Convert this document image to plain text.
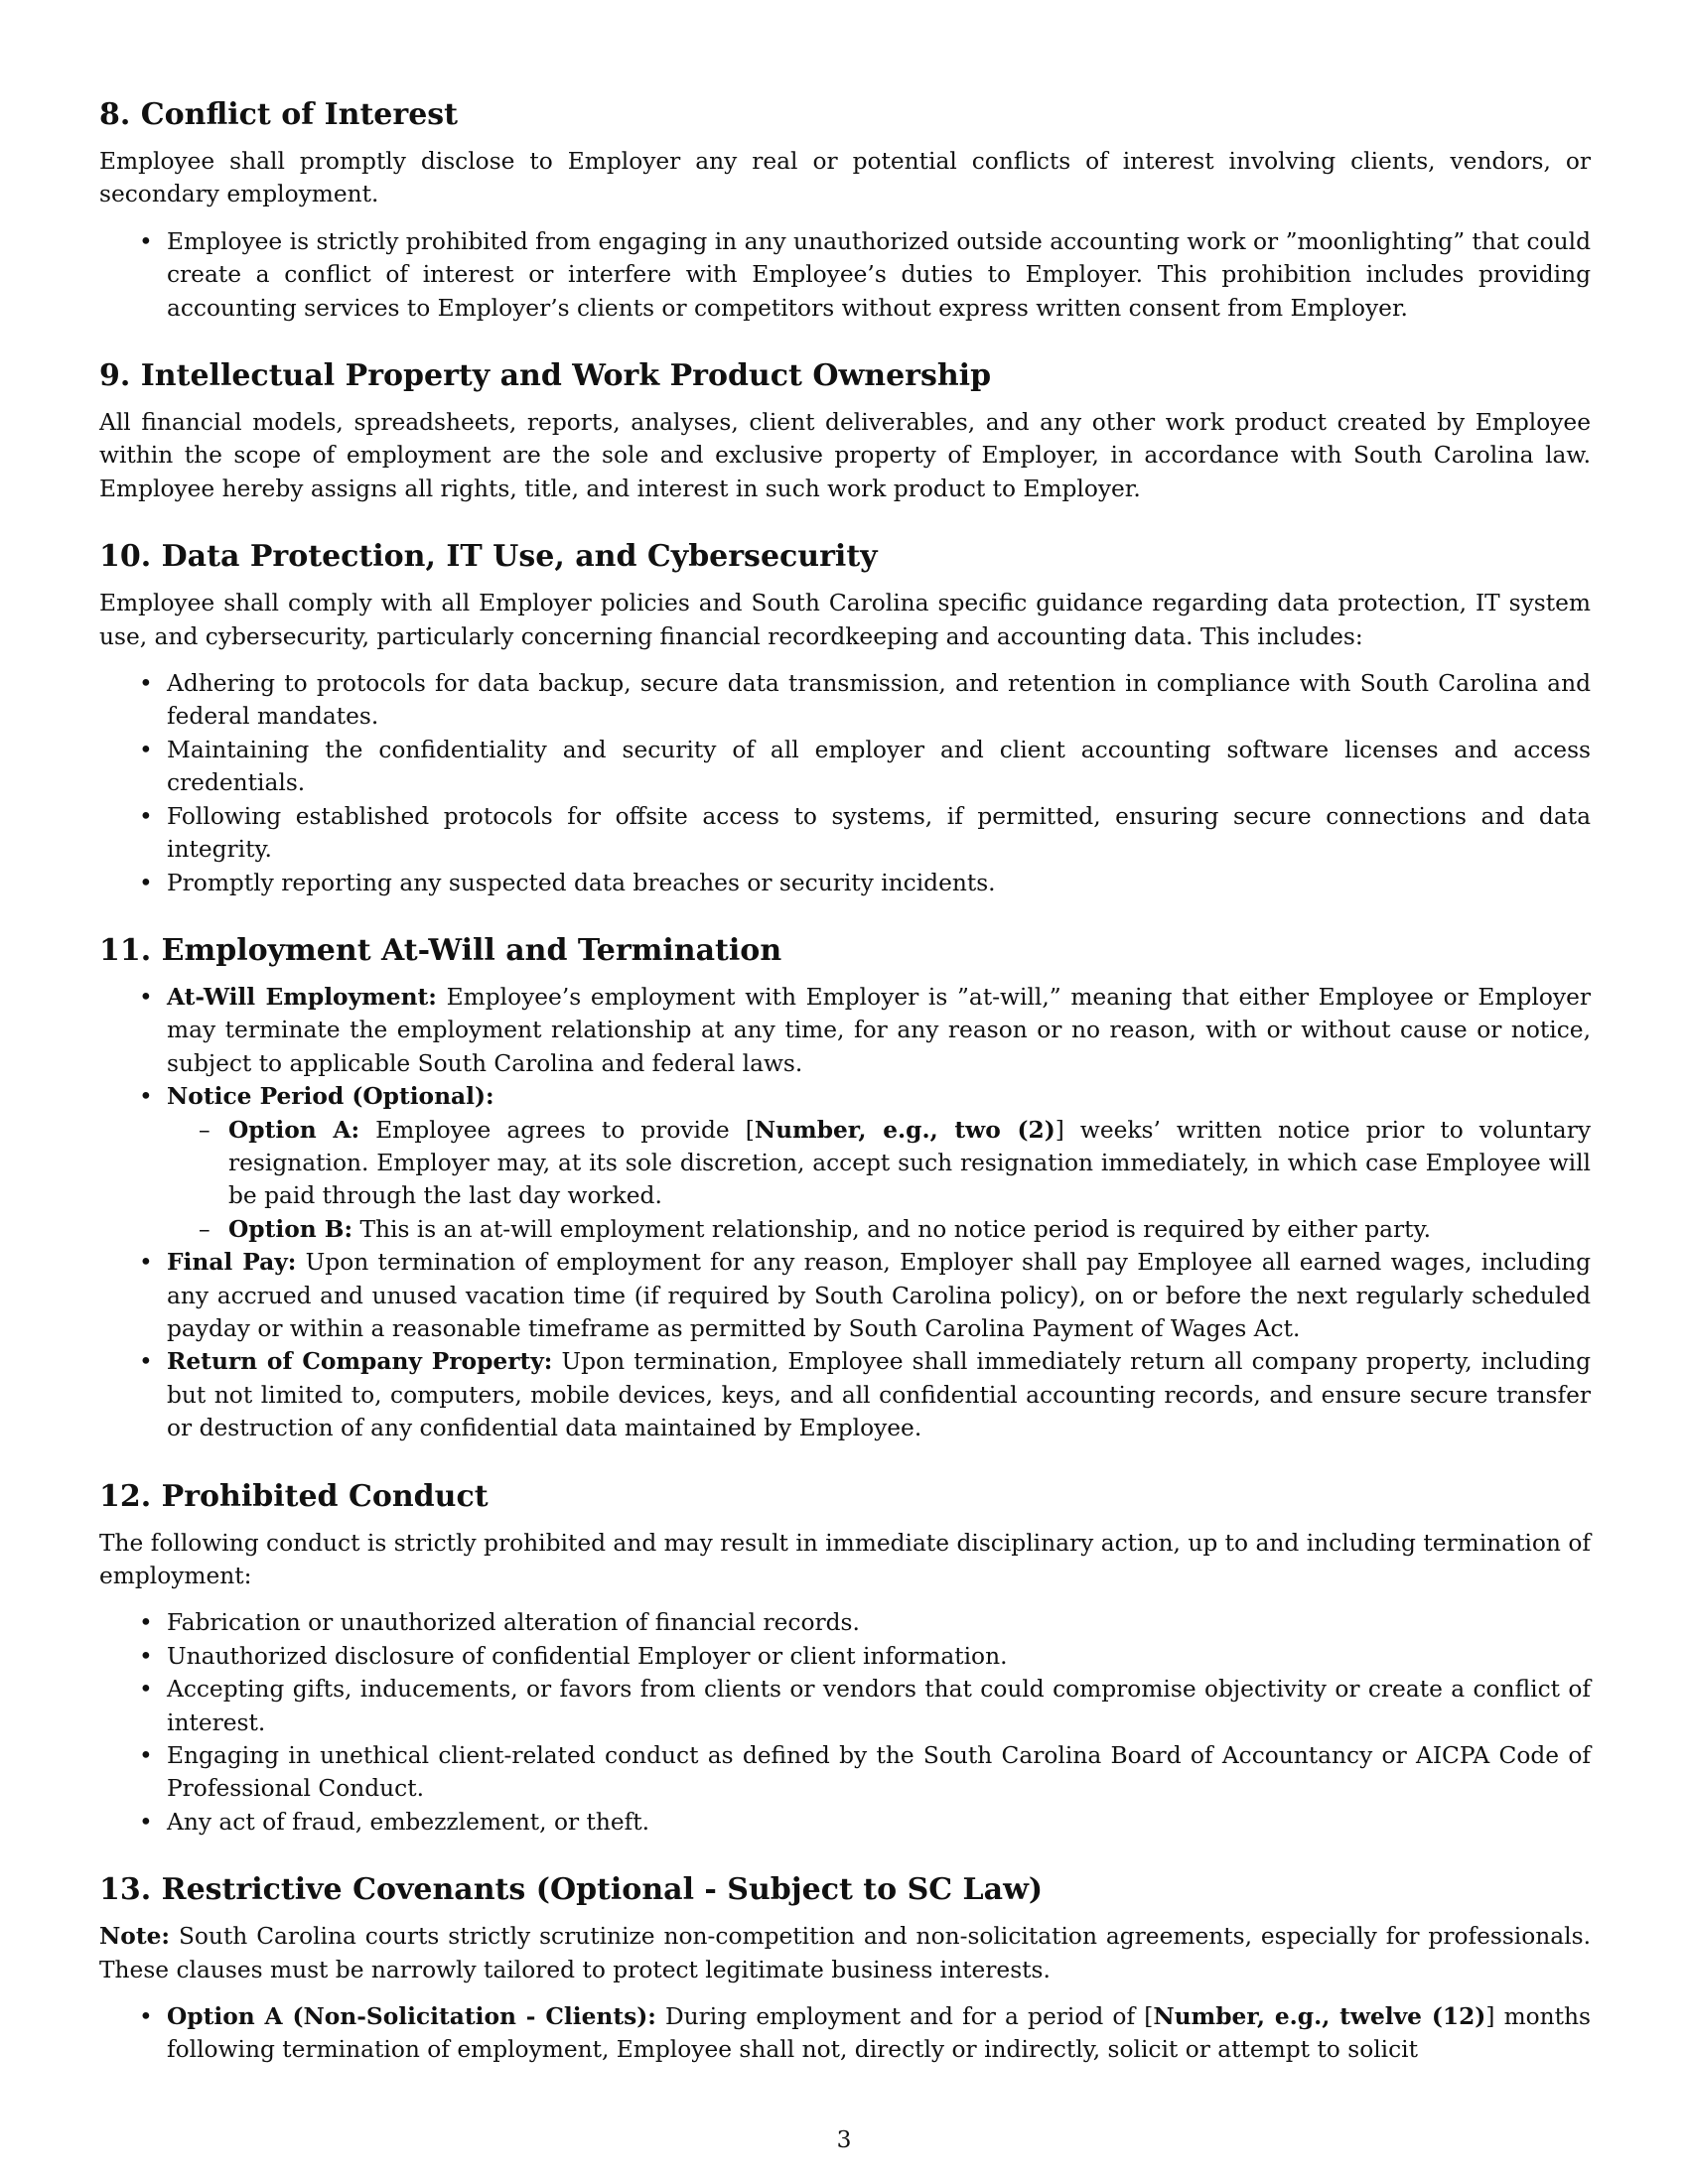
8. Conflict of Interest

Employee shall promptly disclose to Employer any real or potential conflicts of interest involving clients, vendors, or secondary employment.

• Employee is strictly prohibited from engaging in any unauthorized outside accounting work or ”moonlighting” that could create a conflict of interest or interfere with Employee’s duties to Employer. This prohibition includes providing accounting services to Employer’s clients or competitors without express written consent from Employer.
9. Intellectual Property and Work Product Ownership

All financial models, spreadsheets, reports, analyses, client deliverables, and any other work product created by Employee within the scope of employment are the sole and exclusive property of Employer, in accordance with South Carolina law. Employee hereby assigns all rights, title, and interest in such work product to Employer.

10. Data Protection, IT Use, and Cybersecurity

Employee shall comply with all Employer policies and South Carolina specific guidance regarding data protection, IT system use, and cybersecurity, particularly concerning financial recordkeeping and accounting data. This includes:

• Adhering to protocols for data backup, secure data transmission, and retention in compliance with South Carolina and federal mandates.
• Maintaining the confidentiality and security of all employer and client accounting software licenses and access credentials.
• Following established protocols for offsite access to systems, if permitted, ensuring secure connections and data integrity.
• Promptly reporting any suspected data breaches or security incidents.
11. Employment At-Will and Termination
• At-Will Employment: Employee’s employment with Employer is ”at-will,” meaning that either Employee or Employer may terminate the employment relationship at any time, for any reason or no reason, with or without cause or notice, subject to applicable South Carolina and federal laws.
• Notice Period (Optional):
– Option A: Employee agrees to provide [Number, e.g., two (2)] weeks’ written notice prior to voluntary resignation. Employer may, at its sole discretion, accept such resignation immediately, in which case Employee will be paid through the last day worked.
– Option B: This is an at-will employment relationship, and no notice period is required by either party.
• Final Pay: Upon termination of employment for any reason, Employer shall pay Employee all earned wages, including any accrued and unused vacation time (if required by South Carolina policy), on or before the next regularly scheduled payday or within a reasonable timeframe as permitted by South Carolina Payment of Wages Act.
• Return of Company Property: Upon termination, Employee shall immediately return all company property, including but not limited to, computers, mobile devices, keys, and all confidential accounting records, and ensure secure transfer or destruction of any confidential data maintained by Employee.
12. Prohibited Conduct

The following conduct is strictly prohibited and may result in immediate disciplinary action, up to and including termination of employment:

• Fabrication or unauthorized alteration of financial records.
• Unauthorized disclosure of confidential Employer or client information.
• Accepting gifts, inducements, or favors from clients or vendors that could compromise objectivity or create a conflict of interest.
• Engaging in unethical client-related conduct as defined by the South Carolina Board of Accountancy or AICPA Code of Professional Conduct.
• Any act of fraud, embezzlement, or theft.
13. Restrictive Covenants (Optional - Subject to SC Law)

Note: South Carolina courts strictly scrutinize non-competition and non-solicitation agreements, especially for professionals. These clauses must be narrowly tailored to protect legitimate business interests.

• Option A (Non-Solicitation - Clients): During employment and for a period of [Number, e.g., twelve (12)] months following termination of employment, Employee shall not, directly or indirectly, solicit or attempt to solicit
3
